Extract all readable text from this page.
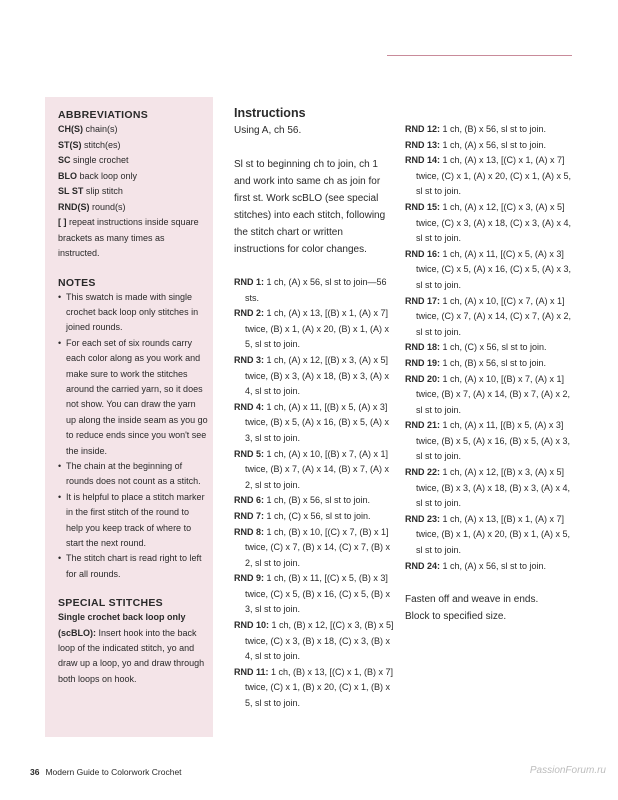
ABBREVIATIONS

CH(S) chain(s)

ST(S) stitch(es)

SC single crochet

BLO back loop only

SL ST slip stitch

RND(S) round(s)

[ ] repeat instructions inside square brackets as many times as instructed.

NOTES

• This swatch is made with single crochet back loop only stitches in joined rounds.
• For each set of six rounds carry each color along as you work and make sure to work the stitches around the carried yarn, so it does not show. You can draw the yarn up along the inside seam as you go to reduce ends since you won't see the inside.
• The chain at the beginning of rounds does not count as a stitch.
• It is helpful to place a stitch marker in the first stitch of the round to help you keep track of where to start the next round.
• The stitch chart is read right to left for all rounds.

SPECIAL STITCHES

Single crochet back loop only (scBLO): Insert hook into the back loop of the indicated stitch, yo and draw up a loop, yo and draw through both loops on hook.

Instructions

Using A, ch 56.

Sl st to beginning ch to join, ch 1 and work into same ch as join for first st. Work scBLO (see special stitches) into each stitch, following the stitch chart or written instructions for color changes.

RND 1: 1 ch, (A) x 56, sl st to join—56 sts.

RND 2: 1 ch, (A) x 13, [(B) x 1, (A) x 7] twice, (B) x 1, (A) x 20, (B) x 1, (A) x 5, sl st to join.

RND 3: 1 ch, (A) x 12, [(B) x 3, (A) x 5] twice, (B) x 3, (A) x 18, (B) x 3, (A) x 4, sl st to join.

RND 4: 1 ch, (A) x 11, [(B) x 5, (A) x 3] twice, (B) x 5, (A) x 16, (B) x 5, (A) x 3, sl st to join.

RND 5: 1 ch, (A) x 10, [(B) x 7, (A) x 1] twice, (B) x 7, (A) x 14, (B) x 7, (A) x 2, sl st to join.

RND 6: 1 ch, (B) x 56, sl st to join.

RND 7: 1 ch, (C) x 56, sl st to join.

RND 8: 1 ch, (B) x 10, [(C) x 7, (B) x 1] twice, (C) x 7, (B) x 14, (C) x 7, (B) x 2, sl st to join.

RND 9: 1 ch, (B) x 11, [(C) x 5, (B) x 3] twice, (C) x 5, (B) x 16, (C) x 5, (B) x 3, sl st to join.

RND 10: 1 ch, (B) x 12, [(C) x 3, (B) x 5] twice, (C) x 3, (B) x 18, (C) x 3, (B) x 4, sl st to join.

RND 11: 1 ch, (B) x 13, [(C) x 1, (B) x 7] twice, (C) x 1, (B) x 20, (C) x 1, (B) x 5, sl st to join.

RND 12: 1 ch, (B) x 56, sl st to join.

RND 13: 1 ch, (A) x 56, sl st to join.

RND 14: 1 ch, (A) x 13, [(C) x 1, (A) x 7] twice, (C) x 1, (A) x 20, (C) x 1, (A) x 5, sl st to join.

RND 15: 1 ch, (A) x 12, [(C) x 3, (A) x 5] twice, (C) x 3, (A) x 18, (C) x 3, (A) x 4, sl st to join.

RND 16: 1 ch, (A) x 11, [(C) x 5, (A) x 3] twice, (C) x 5, (A) x 16, (C) x 5, (A) x 3, sl st to join.

RND 17: 1 ch, (A) x 10, [(C) x 7, (A) x 1] twice, (C) x 7, (A) x 14, (C) x 7, (A) x 2, sl st to join.

RND 18: 1 ch, (C) x 56, sl st to join.

RND 19: 1 ch, (B) x 56, sl st to join.

RND 20: 1 ch, (A) x 10, [(B) x 7, (A) x 1] twice, (B) x 7, (A) x 14, (B) x 7, (A) x 2, sl st to join.

RND 21: 1 ch, (A) x 11, [(B) x 5, (A) x 3] twice, (B) x 5, (A) x 16, (B) x 5, (A) x 3, sl st to join.

RND 22: 1 ch, (A) x 12, [(B) x 3, (A) x 5] twice, (B) x 3, (A) x 18, (B) x 3, (A) x 4, sl st to join.

RND 23: 1 ch, (A) x 13, [(B) x 1, (A) x 7] twice, (B) x 1, (A) x 20, (B) x 1, (A) x 5, sl st to join.

RND 24: 1 ch, (A) x 56, sl st to join.

Fasten off and weave in ends.

Block to specified size.

36 Modern Guide to Colorwork Crochet	PassionForum.ru
